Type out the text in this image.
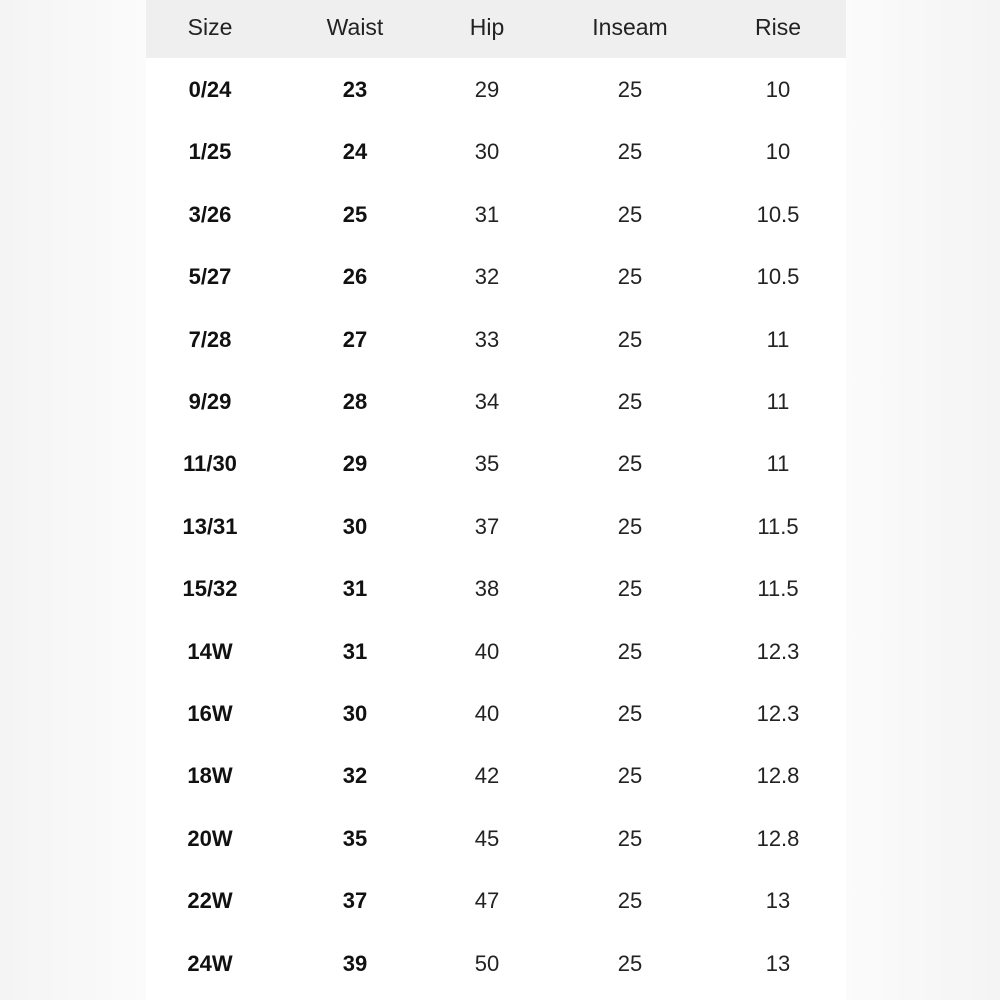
Size	Waist	Hip	Inseam	Rise
0/24	23	29	25	10
1/25	24	30	25	10
3/26	25	31	25	10.5
5/27	26	32	25	10.5
7/28	27	33	25	11
9/29	28	34	25	11
11/30	29	35	25	11
13/31	30	37	25	11.5
15/32	31	38	25	11.5
14W	31	40	25	12.3
16W	30	40	25	12.3
18W	32	42	25	12.8
20W	35	45	25	12.8
22W	37	47	25	13
24W	39	50	25	13
